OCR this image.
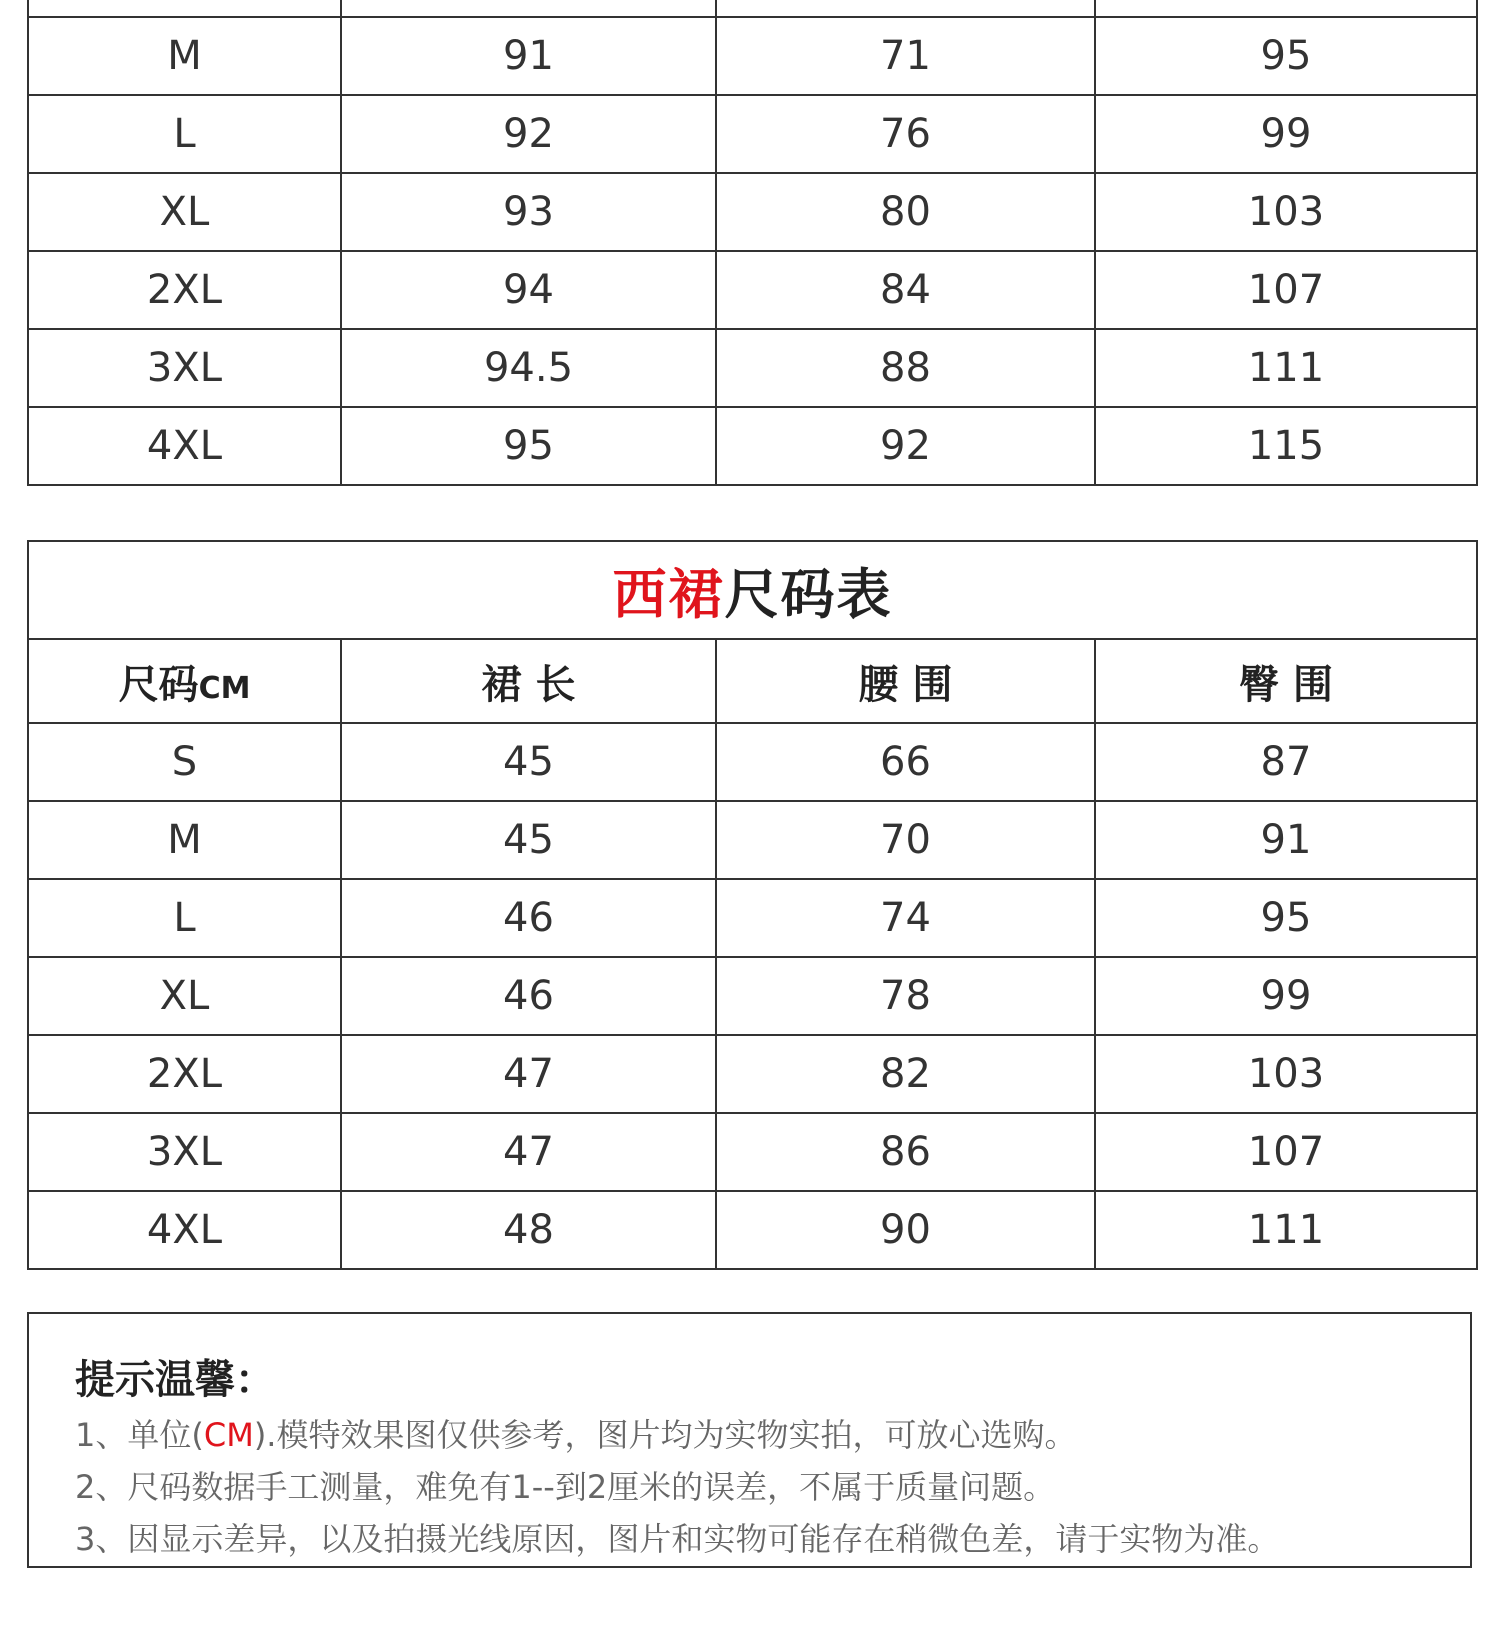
M	91	71	95
L	92	76	99
XL	93	80	103
2XL	94	84	107
3XL	94.5	88	111
4XL	95	92	115
西裙尺码表			
尺码CM	裙 长	腰 围	臀 围
S	45	66	87
M	45	70	91
L	46	74	95
XL	46	78	99
2XL	47	82	103
3XL	47	86	107
4XL	48	90	111
提示温馨：
1、单位(CM).模特效果图仅供参考，图片均为实物实拍，可放心选购。
2、尺码数据手工测量，难免有1--到2厘米的误差，不属于质量问题。
3、因显示差异，以及拍摄光线原因，图片和实物可能存在稍微色差，请于实物为准。
